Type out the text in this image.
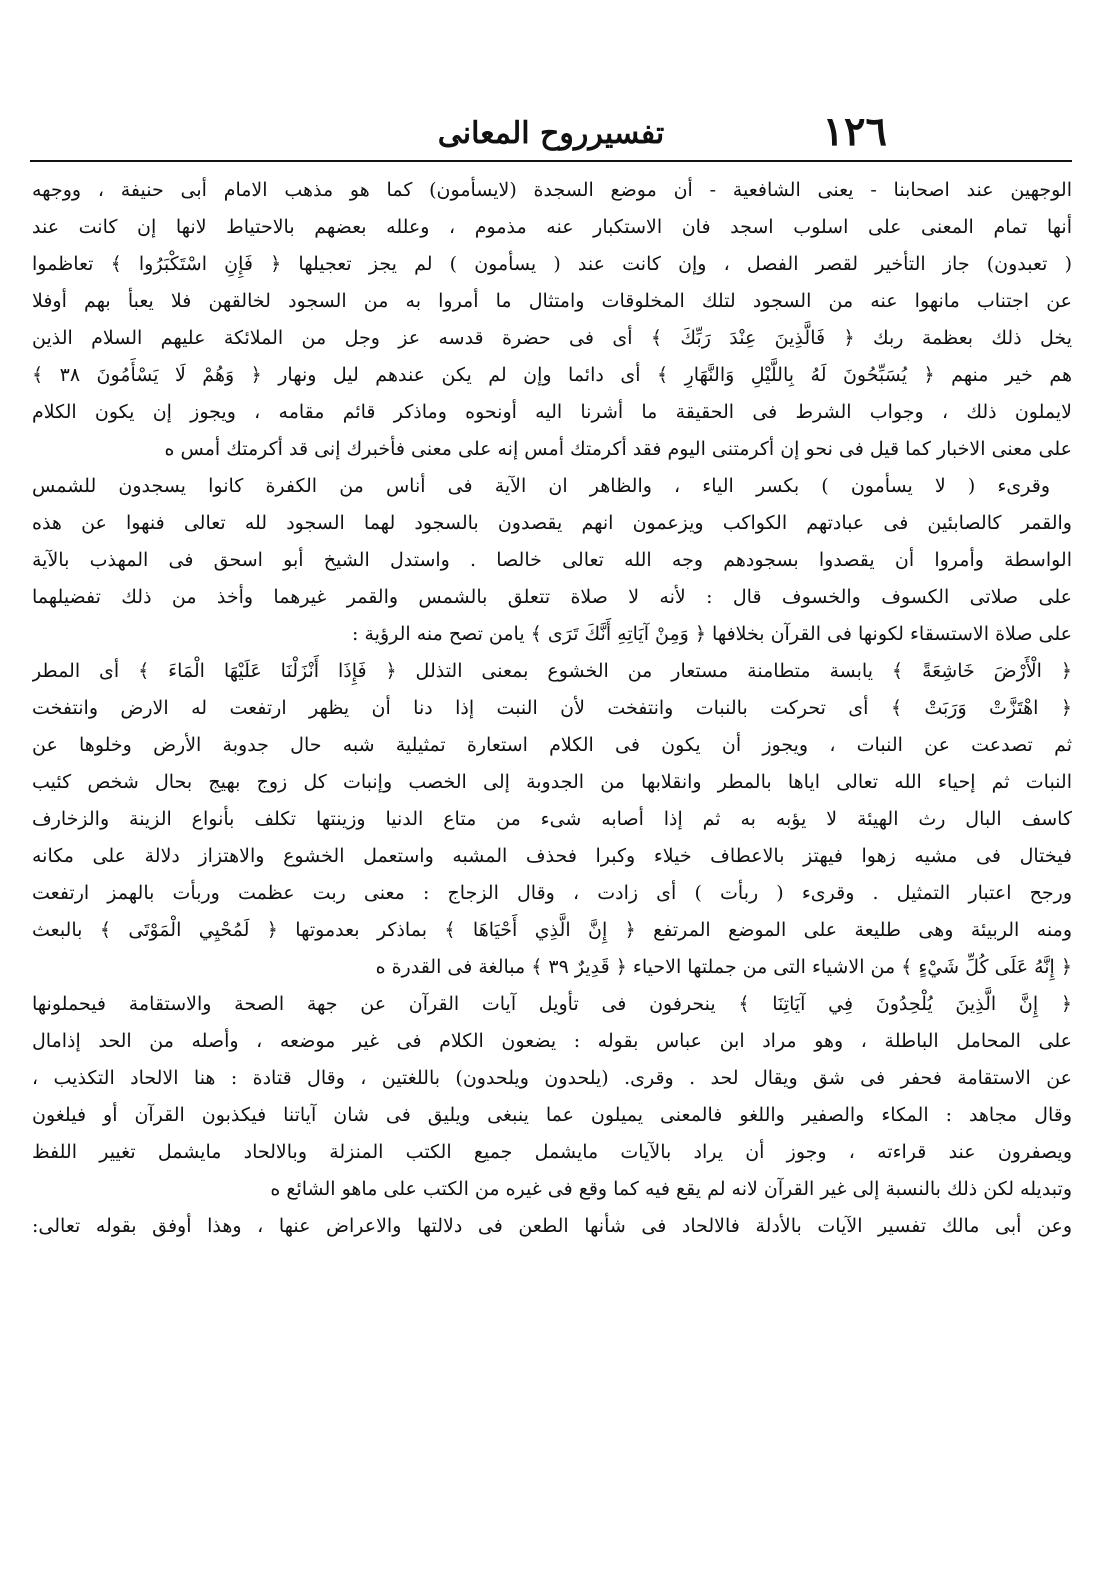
١٢٦
تفسيرروح المعانى
الوجهين عند اصحابنا - يعنى الشافعية - أن موضع السجدة (لايسأمون) كما هو مذهب الامام أبى حنيفة ، ووجهه
أنها تمام المعنى على اسلوب اسجد فان الاستكبار عنه مذموم ، وعلله بعضهم بالاحتياط لانها إن كانت عند
( تعبدون) جاز التأخير لقصر الفصل ، وإن كانت عند ( يسأمون ) لم يجز تعجيلها ﴿ فَإِنِ اسْتَكْبَرُوا ﴾ تعاظموا
عن اجتناب مانهوا عنه من السجود لتلك المخلوقات وامتثال ما أمروا به من السجود لخالقهن فلا يعبأ بهم أوفلا
يخل ذلك بعظمة ربك ﴿ فَالَّذِينَ عِنْدَ رَبِّكَ ﴾ أى فى حضرة قدسه عز وجل من الملائكة عليهم السلام الذين
هم خير منهم ﴿ يُسَبِّحُونَ لَهُ بِاللَّيْلِ وَالنَّهَارِ ﴾ أى دائما وإن لم يكن عندهم ليل ونهار ﴿ وَهُمْ لَا يَسْأَمُونَ ٣٨ ﴾
لايملون ذلك ، وجواب الشرط فى الحقيقة ما أشرنا اليه أونحوه وماذكر قائم مقامه ، ويجوز إن يكون الكلام
على معنى الاخبار كما قيل فى نحو إن أكرمتنى اليوم فقد أكرمتك أمس إنه على معنى فأخبرك إنى قد أكرمتك أمس ه
وقرىء ( لا يسأمون ) بكسر الياء ، والظاهر ان الآية فى أناس من الكفرة كانوا يسجدون للشمس
والقمر كالصابئين فى عبادتهم الكواكب ويزعمون انهم يقصدون بالسجود لهما السجود لله تعالى فنهوا عن هذه
الواسطة وأمروا أن يقصدوا بسجودهم وجه الله تعالى خالصا . واستدل الشيخ أبو اسحق فى المهذب بالآية
على صلاتى الكسوف والخسوف قال : لأنه لا صلاة تتعلق بالشمس والقمر غيرهما وأخذ من ذلك تفضيلهما
على صلاة الاستسقاء لكونها فى القرآن بخلافها ﴿ وَمِنْ آيَاتِهِ أَنَّكَ تَرَى ﴾ يامن تصح منه الرؤية :
﴿ الْأَرْضَ خَاشِعَةً ﴾ يابسة متطامنة مستعار من الخشوع بمعنى التذلل ﴿ فَإِذَا أَنْزَلْنَا عَلَيْهَا الْمَاءَ ﴾ أى المطر
﴿ اهْتَزَّتْ وَرَبَتْ ﴾ أى تحركت بالنبات وانتفخت لأن النبت إذا دنا أن يظهر ارتفعت له الارض وانتفخت
ثم تصدعت عن النبات ، ويجوز أن يكون فى الكلام استعارة تمثيلية شبه حال جدوبة الأرض وخلوها عن
النبات ثم إحياء الله تعالى اياها بالمطر وانقلابها من الجدوبة إلى الخصب وإنبات كل زوج بهيج بحال شخص كئيب
كاسف البال رث الهيئة لا يؤبه به ثم إذا أصابه شىء من متاع الدنيا وزينتها تكلف بأنواع الزينة والزخارف
فيختال فى مشيه زهوا فيهتز بالاعطاف خيلاء وكبرا فحذف المشبه واستعمل الخشوع والاهتزاز دلالة على مكانه
ورجح اعتبار التمثيل . وقرىء ( ربأت ) أى زادت ، وقال الزجاج : معنى ربت عظمت وربأت بالهمز ارتفعت
ومنه الربيئة وهى طليعة على الموضع المرتفع ﴿ إِنَّ الَّذِي أَحْيَاهَا ﴾ بماذكر بعدموتها ﴿ لَمُحْيِي الْمَوْتَى ﴾ بالبعث
﴿ إِنَّهُ عَلَى كُلِّ شَيْءٍ ﴾ من الاشياء التى من جملتها الاحياء ﴿ قَدِيرٌ ٣٩ ﴾ مبالغة فى القدرة ه
﴿ إِنَّ الَّذِينَ يُلْحِدُونَ فِي آيَاتِنَا ﴾ ينحرفون فى تأويل آيات القرآن عن جهة الصحة والاستقامة فيحملونها
على المحامل الباطلة ، وهو مراد ابن عباس بقوله : يضعون الكلام فى غير موضعه ، وأصله من الحد إذامال
عن الاستقامة فحفر فى شق ويقال لحد . وقرى. (يلحدون ويلحدون) باللغتين ، وقال قتادة : هنا الالحاد التكذيب ،
وقال مجاهد : المكاء والصفير واللغو فالمعنى يميلون عما ينبغى ويليق فى شان آياتنا فيكذبون القرآن أو فيلغون
ويصفرون عند قراءته ، وجوز أن يراد بالآيات مايشمل جميع الكتب المنزلة وبالالحاد مايشمل تغيير اللفظ
وتبديله لكن ذلك بالنسبة إلى غير القرآن لانه لم يقع فيه كما وقع فى غيره من الكتب على ماهو الشائع ه
وعن أبى مالك تفسير الآيات بالأدلة فالالحاد فى شأنها الطعن فى دلالتها والاعراض عنها ، وهذا أوفق بقوله تعالى:
